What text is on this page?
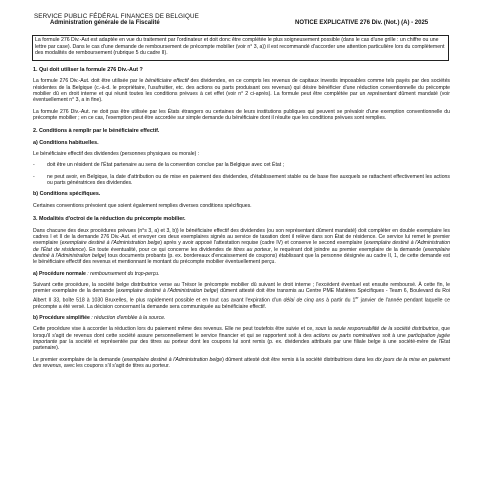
SERVICE PUBLIC FÉDÉRAL FINANCES DE BELGIQUE
Administration générale de la Fiscalité	NOTICE EXPLICATIVE 276 Div. (Not.) (A) - 2025
La formule 276 Div.-Aut est adaptée en vue du traitement par l'ordinateur et doit donc être complétée le plus soigneusement possible (dans le cas d'une grille : un chiffre ou une lettre par case). Dans le cas d'une demande de remboursement de précompte mobilier (voir n° 3, a)) il est recommandé d'accorder une attention particulière lors du complètement des modalités de remboursement (rubrique 5 du cadre II).

1. Qui doit utiliser la formule 276 Div.-Aut ?

La formule 276 Div.-Aut. doit être utilisée par le bénéficiaire effectif des dividendes, en ce compris les revenus de capitaux investis imposables comme tels payés par des sociétés résidentes de la Belgique (c.-à-d. le propriétaire, l'usufruitier, etc. des actions ou parts produisant ces revenus) qui désire bénéficier d'une réduction conventionnelle du précompte mobilier dû en droit interne et qui réunit toutes les conditions prévues à cet effet (voir n° 2 ci-après). La formule peut être complétée par un représentant dûment mandaté (voir éventuellement n° 3, a in fine).

La formule 276 Div.-Aut. ne doit pas être utilisée par les États étrangers ou certaines de leurs institutions publiques qui peuvent se prévaloir d'une exemption conventionnelle du précompte mobilier ; en ce cas, l'exemption peut être accordée sur simple demande du bénéficiaire dont il résulte que les conditions prévues sont remplies.

2. Conditions à remplir par le bénéficiaire effectif.

a) Conditions habituelles.

Le bénéficiaire effectif des dividendes (personnes physiques ou morale) :

-	doit être un résident de l'État partenaire au sens de la convention conclue par la Belgique avec cet État ;
-	ne peut avoir, en Belgique, la date d'attribution ou de mise en paiement des dividendes, d'établissement stable ou de base fixe auxquels se rattachent effectivement les actions ou parts génératrices des dividendes.

b) Conditions spécifiques.

Certaines conventions prévoient que soient également remplies diverses conditions spécifiques.

3. Modalités d'octroi de la réduction du précompte mobilier.

Dans chacune des deux procédures prévues (n°s 3, a) et 3, b)) le bénéficiaire effectif des dividendes (ou son représentant dûment mandaté) doit compléter en double exemplaire les cadres I et II de la demande 276 Div.-Aut. et envoyer ces deux exemplaires signés au service de taxation dont il relève dans son État de résidence. Ce service lui remet le premier exemplaire (exemplaire destiné à l'Administration belge) après y avoir apposé l'attestation requise (cadre IV) et conserve le second exemplaire (exemplaire destiné à l'Administration de l'État de résidence). En toute éventualité, pour ce qui concerne les dividendes de titres au porteur, le requérant doit joindre au premier exemplaire de la demande (exemplaire destiné à l'Administration belge) tous documents probants (p. ex. bordereaux d'encaissement de coupons) établissant que la personne désignée au cadre II, 1, de cette demande est le bénéficiaire effectif des revenus et mentionnant le montant du précompte mobilier éventuellement perçu.

a) Procédure normale : remboursement du trop-perçu.

Suivant cette procédure, la société belge distributrice verse au Trésor le précompte mobilier dû suivant le droit interne ; l'excédent éventuel est ensuite remboursé. À cette fin, le premier exemplaire de la demande (exemplaire destiné à l'Administration belge) dûment attesté doit être transmis au Centre PME Matières Spécifiques - Team 6, Boulevard du Roi Albert II 33, boîte 518 à 1030 Bruxelles, le plus rapidement possible et en tout cas avant l'expiration d'un délai de cinq ans à partir du 1er janvier de l'année pendant laquelle ce précompte a été versé. La décision concernant la demande sera communiquée au bénéficiaire effectif.

b) Procédure simplifiée : réduction d'emblée à la source.

Cette procédure vise à accorder la réduction lors du paiement même des revenus. Elle ne peut toutefois être suivie et ce, sous la seule responsabilité de la société distributrice, que lorsqu'il s'agit de revenus dont cette société assure personnellement le service financier et qui se rapportent soit à des actions ou parts nominatives soit à une participation jugée importante par la société et représentée par des titres au porteur dont les coupons lui sont remis (p. ex. dividendes attribués par une filiale belge à une société-mère de l'État partenaire).

Le premier exemplaire de la demande (exemplaire destiné à l'Administration belge) dûment attesté doit être remis à la société distributrices dans les dix jours de la mise en paiement des revenus, avec les coupons s'il s'agit de titres au porteur.
